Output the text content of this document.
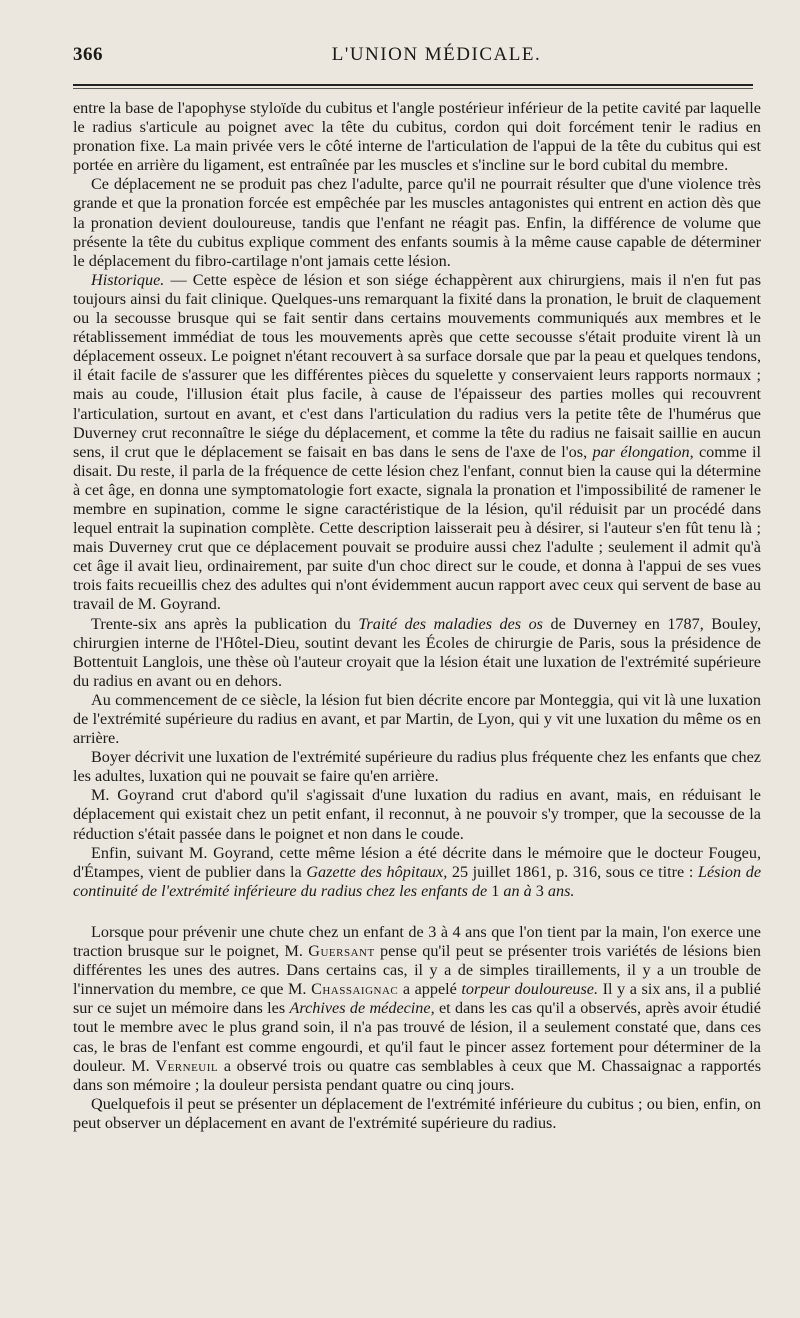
366	L'UNION MÉDICALE.

entre la base de l'apophyse styloïde du cubitus et l'angle postérieur inférieur de la petite cavité par laquelle le radius s'articule au poignet avec la tête du cubitus, cordon qui doit forcément tenir le radius en pronation fixe. La main privée vers le côté interne de l'articulation de l'appui de la tête du cubitus qui est portée en arrière du ligament, est entraînée par les muscles et s'incline sur le bord cubital du membre.

Ce déplacement ne se produit pas chez l'adulte, parce qu'il ne pourrait résulter que d'une violence très grande et que la pronation forcée est empêchée par les muscles antagonistes qui entrent en action dès que la pronation devient douloureuse, tandis que l'enfant ne réagit pas. Enfin, la différence de volume que présente la tête du cubitus explique comment des enfants soumis à la même cause capable de déterminer le déplacement du fibro-cartilage n'ont jamais cette lésion.

Historique. — Cette espèce de lésion et son siége échappèrent aux chirurgiens, mais il n'en fut pas toujours ainsi du fait clinique. Quelques-uns remarquant la fixité dans la pronation, le bruit de claquement ou la secousse brusque qui se fait sentir dans certains mouvements communiqués aux membres et le rétablissement immédiat de tous les mouvements après que cette secousse s'était produite virent là un déplacement osseux. Le poignet n'étant recouvert à sa surface dorsale que par la peau et quelques tendons, il était facile de s'assurer que les différentes pièces du squelette y conservaient leurs rapports normaux ; mais au coude, l'illusion était plus facile, à cause de l'épaisseur des parties molles qui recouvrent l'articulation, surtout en avant, et c'est dans l'articulation du radius vers la petite tête de l'humérus que Duverney crut reconnaître le siége du déplacement, et comme la tête du radius ne faisait saillie en aucun sens, il crut que le déplacement se faisait en bas dans le sens de l'axe de l'os, par élongation, comme il disait. Du reste, il parla de la fréquence de cette lésion chez l'enfant, connut bien la cause qui la détermine à cet âge, en donna une symptomatologie fort exacte, signala la pronation et l'impossibilité de ramener le membre en supination, comme le signe caractéristique de la lésion, qu'il réduisit par un procédé dans lequel entrait la supination complète. Cette description laisserait peu à désirer, si l'auteur s'en fût tenu là ; mais Duverney crut que ce déplacement pouvait se produire aussi chez l'adulte ; seulement il admit qu'à cet âge il avait lieu, ordinairement, par suite d'un choc direct sur le coude, et donna à l'appui de ses vues trois faits recueillis chez des adultes qui n'ont évidemment aucun rapport avec ceux qui servent de base au travail de M. Goyrand.

Trente-six ans après la publication du Traité des maladies des os de Duverney en 1787, Bouley, chirurgien interne de l'Hôtel-Dieu, soutint devant les Écoles de chirurgie de Paris, sous la présidence de Bottentuit Langlois, une thèse où l'auteur croyait que la lésion était une luxation de l'extrémité supérieure du radius en avant ou en dehors.

Au commencement de ce siècle, la lésion fut bien décrite encore par Monteggia, qui vit là une luxation de l'extrémité supérieure du radius en avant, et par Martin, de Lyon, qui y vit une luxation du même os en arrière.

Boyer décrivit une luxation de l'extrémité supérieure du radius plus fréquente chez les enfants que chez les adultes, luxation qui ne pouvait se faire qu'en arrière.

M. Goyrand crut d'abord qu'il s'agissait d'une luxation du radius en avant, mais, en réduisant le déplacement qui existait chez un petit enfant, il reconnut, à ne pouvoir s'y tromper, que la secousse de la réduction s'était passée dans le poignet et non dans le coude.

Enfin, suivant M. Goyrand, cette même lésion a été décrite dans le mémoire que le docteur Fougeu, d'Étampes, vient de publier dans la Gazette des hôpitaux, 25 juillet 1861, p. 316, sous ce titre : Lésion de continuité de l'extrémité inférieure du radius chez les enfants de 1 an à 3 ans.

Lorsque pour prévenir une chute chez un enfant de 3 à 4 ans que l'on tient par la main, l'on exerce une traction brusque sur le poignet, M. Guersant pense qu'il peut se présenter trois variétés de lésions bien différentes les unes des autres. Dans certains cas, il y a de simples tiraillements, il y a un trouble de l'innervation du membre, ce que M. Chassaignac a appelé torpeur douloureuse. Il y a six ans, il a publié sur ce sujet un mémoire dans les Archives de médecine, et dans les cas qu'il a observés, après avoir étudié tout le membre avec le plus grand soin, il n'a pas trouvé de lésion, il a seulement constaté que, dans ces cas, le bras de l'enfant est comme engourdi, et qu'il faut le pincer assez fortement pour déterminer de la douleur. M. Verneuil a observé trois ou quatre cas semblables à ceux que M. Chassaignac a rapportés dans son mémoire ; la douleur persista pendant quatre ou cinq jours.

Quelquefois il peut se présenter un déplacement de l'extrémité inférieure du cubitus ; ou bien, enfin, on peut observer un déplacement en avant de l'extrémité supérieure du radius.
